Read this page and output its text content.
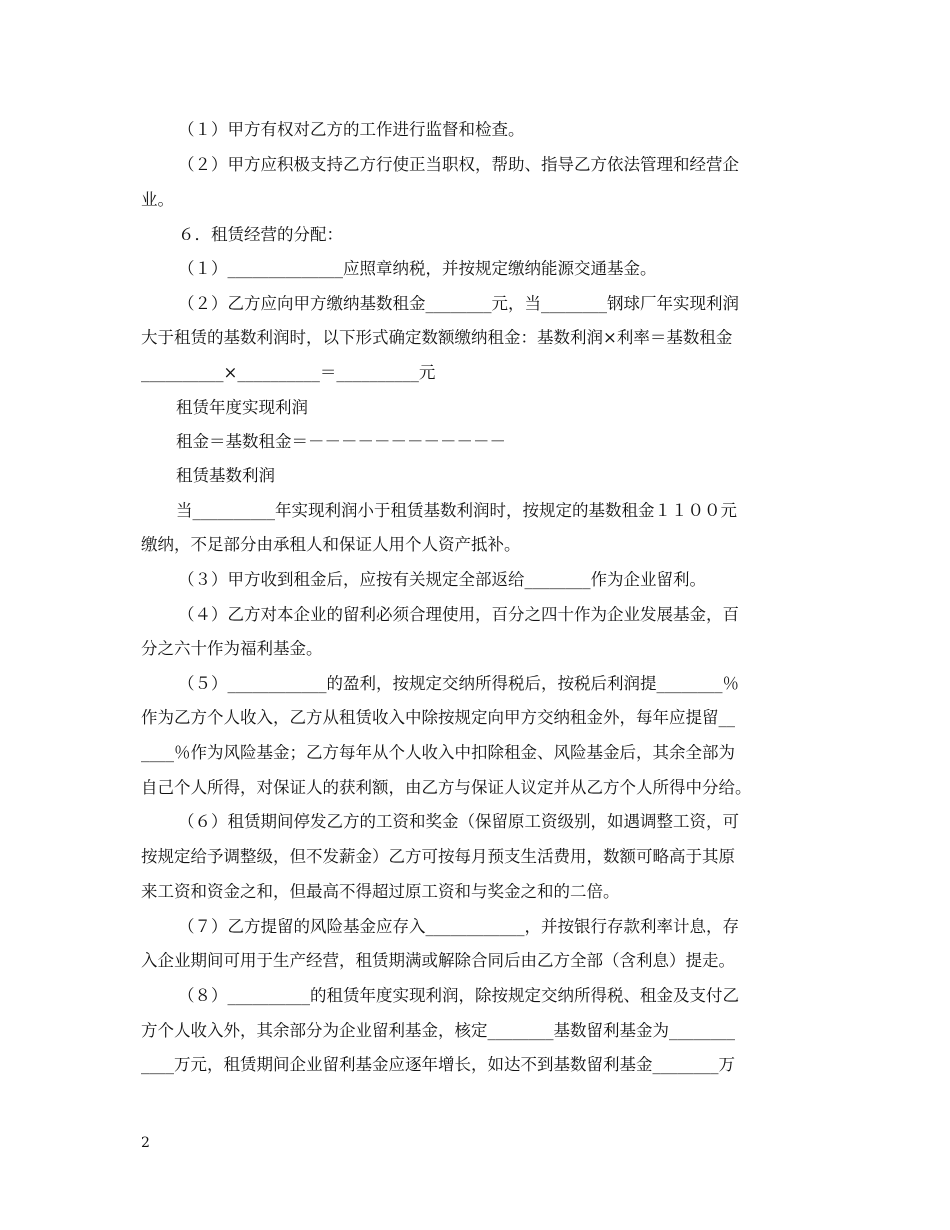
（１）甲方有权对乙方的工作进行监督和检查。
（２）甲方应积极支持乙方行使正当职权，帮助、指导乙方依法管理和经营企
业。
６．租赁经营的分配：
（１）______________应照章纳税，并按规定缴纳能源交通基金。
（２）乙方应向甲方缴纳基数租金________元，当________钢球厂年实现利润
大于租赁的基数利润时，以下形式确定数额缴纳租金：基数利润×利率＝基数租金
__________×__________＝__________元
租赁年度实现利润
租金＝基数租金＝－－－－－－－－－－－－
租赁基数利润
当__________年实现利润小于租赁基数利润时，按规定的基数租金１１００元
缴纳，不足部分由承租人和保证人用个人资产抵补。
（３）甲方收到租金后，应按有关规定全部返给________作为企业留利。
（４）乙方对本企业的留利必须合理使用，百分之四十作为企业发展基金，百
分之六十作为福利基金。
（５）____________的盈利，按规定交纳所得税后，按税后利润提________％
作为乙方个人收入，乙方从租赁收入中除按规定向甲方交纳租金外，每年应提留__
____％作为风险基金；乙方每年从个人收入中扣除租金、风险基金后，其余全部为
自己个人所得，对保证人的获利额，由乙方与保证人议定并从乙方个人所得中分给。
（６）租赁期间停发乙方的工资和奖金（保留原工资级别，如遇调整工资，可
按规定给予调整级，但不发薪金）乙方可按每月预支生活费用，数额可略高于其原
来工资和资金之和，但最高不得超过原工资和与奖金之和的二倍。
（７）乙方提留的风险基金应存入____________，并按银行存款利率计息，存
入企业期间可用于生产经营，租赁期满或解除合同后由乙方全部（含利息）提走。
（８）__________的租赁年度实现利润，除按规定交纳所得税、租金及支付乙
方个人收入外，其余部分为企业留利基金，核定________基数留利基金为________
____万元，租赁期间企业留利基金应逐年增长，如达不到基数留利基金________万
2
